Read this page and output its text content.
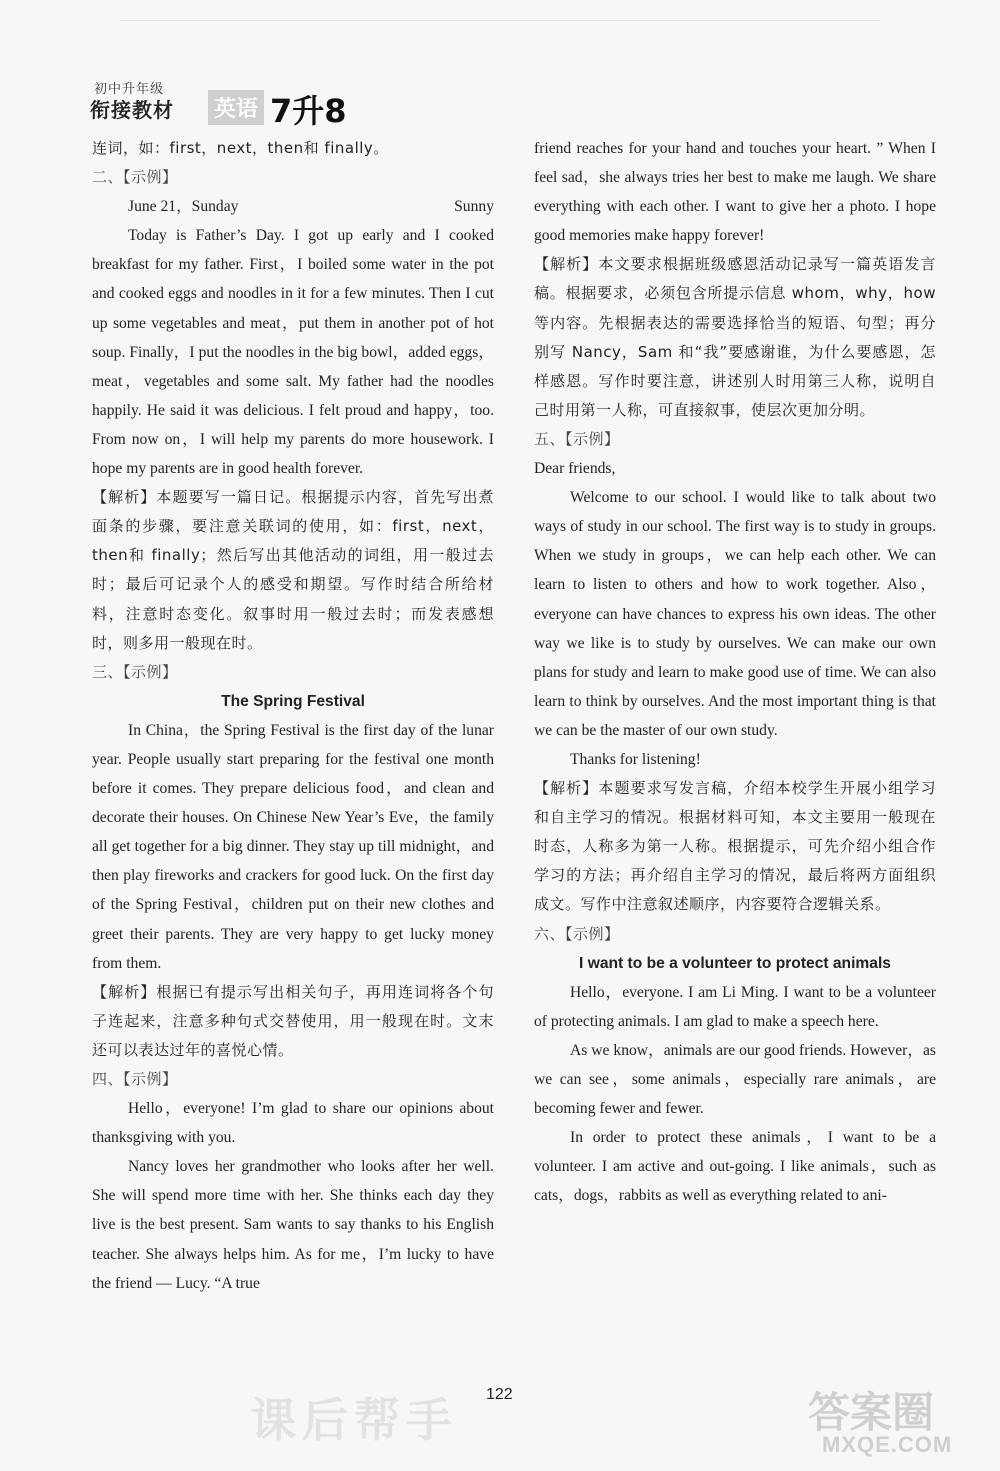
初中升年级
衔接教材 英语 7升8

连词，如：first，next，then和 finally。

二、【示例】

June 21，Sunday	Sunny

Today is Father’s Day. I got up early and I cooked breakfast for my father. First，I boiled some water in the pot and cooked eggs and noodles in it for a few minutes. Then I cut up some vegetables and meat，put them in another pot of hot soup. Finally，I put the noodles in the big bowl，added eggs，meat，vegetables and some salt. My father had the noodles happily. He said it was delicious. I felt proud and happy，too. From now on，I will help my parents do more housework. I hope my parents are in good health forever.

【解析】本题要写一篇日记。根据提示内容，首先写出煮面条的步骤，要注意关联词的使用，如：first，next，then和 finally；然后写出其他活动的词组，用一般过去时；最后可记录个人的感受和期望。写作时结合所给材料，注意时态变化。叙事时用一般过去时；而发表感想时，则多用一般现在时。

三、【示例】

The Spring Festival

In China，the Spring Festival is the first day of the lunar year. People usually start preparing for the festival one month before it comes. They prepare delicious food，and clean and decorate their houses. On Chinese New Year’s Eve，the family all get together for a big dinner. They stay up till midnight，and then play fireworks and crackers for good luck. On the first day of the Spring Festival，children put on their new clothes and greet their parents. They are very happy to get lucky money from them.

【解析】根据已有提示写出相关句子，再用连词将各个句子连起来，注意多种句式交替使用，用一般现在时。文末还可以表达过年的喜悦心情。

四、【示例】

Hello，everyone! I’m glad to share our opinions about thanksgiving with you.

Nancy loves her grandmother who looks after her well. She will spend more time with her. She thinks each day they live is the best present. Sam wants to say thanks to his English teacher. She always helps him. As for me，I’m lucky to have the friend — Lucy. “A true

friend reaches for your hand and touches your heart. ” When I feel sad，she always tries her best to make me laugh. We share everything with each other. I want to give her a photo. I hope good memories make happy forever!

【解析】本文要求根据班级感恩活动记录写一篇英语发言稿。根据要求，必须包含所提示信息 whom，why，how 等内容。先根据表达的需要选择恰当的短语、句型；再分别写 Nancy，Sam 和“我”要感谢谁，为什么要感恩，怎样感恩。写作时要注意，讲述别人时用第三人称，说明自己时用第一人称，可直接叙事，使层次更加分明。

五、【示例】

Dear friends,

Welcome to our school. I would like to talk about two ways of study in our school. The first way is to study in groups. When we study in groups，we can help each other. We can learn to listen to others and how to work together. Also，everyone can have chances to express his own ideas. The other way we like is to study by ourselves. We can make our own plans for study and learn to make good use of time. We can also learn to think by ourselves. And the most important thing is that we can be the master of our own study.

Thanks for listening!

【解析】本题要求写发言稿，介绍本校学生开展小组学习和自主学习的情况。根据材料可知，本文主要用一般现在时态，人称多为第一人称。根据提示，可先介绍小组合作学习的方法；再介绍自主学习的情况，最后将两方面组织成文。写作中注意叙述顺序，内容要符合逻辑关系。

六、【示例】

I want to be a volunteer to protect animals

Hello，everyone. I am Li Ming. I want to be a volunteer of protecting animals. I am glad to make a speech here.

As we know，animals are our good friends. However，as we can see，some animals，especially rare animals，are becoming fewer and fewer.

In order to protect these animals，I want to be a volunteer. I am active and out-going. I like animals，such as cats，dogs，rabbits as well as everything related to ani-

课后帮手 122	答案圈
MXQE.COM
